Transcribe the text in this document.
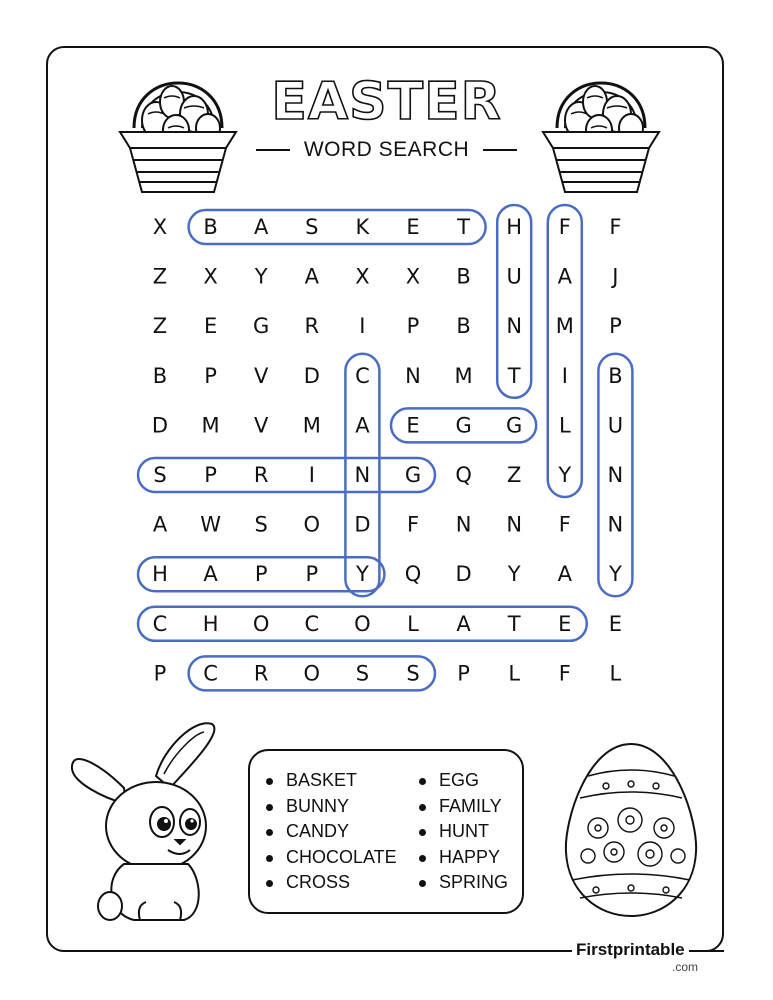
EASTER
WORD SEARCH
X B A S K E T H F F
Z X Y A X X B U A J
Z E G R I P B N M P
B P V D C N M T I B
D M V M A E G G L U
S P R I N G Q Z Y N
A W S O D F N N F N
H A P P Y Q D Y A Y
C H O C O L A T E E
P C R O S S P L F L
BASKET
BUNNY
CANDY
CHOCOLATE
CROSS
EGG
FAMILY
HUNT
HAPPY
SPRING
Firstprintable
.com
